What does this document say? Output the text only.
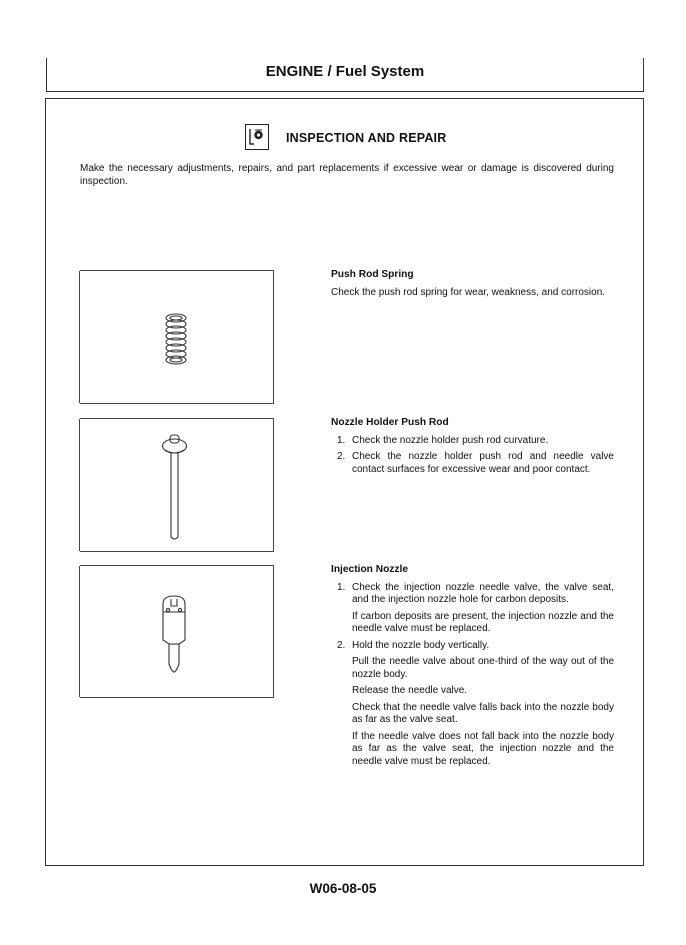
ENGINE / Fuel System
INSPECTION AND REPAIR

Make the necessary adjustments, repairs, and part replacements if excessive wear or damage is discovered during inspection.

Push Rod Spring

Check the push rod spring for wear, weakness, and corrosion.

Nozzle Holder Push Rod
1. Check the nozzle holder push rod curvature.
2. Check the nozzle holder push rod and needle valve contact surfaces for excessive wear and poor contact.
Injection Nozzle
1. Check the injection nozzle needle valve, the valve seat, and the injection nozzle hole for carbon deposits.
If carbon deposits are present, the injection nozzle and the needle valve must be replaced.
2. Hold the nozzle body vertically.
Pull the needle valve about one-third of the way out of the nozzle body.
Release the needle valve.
Check that the needle valve falls back into the nozzle body as far as the valve seat.
If the needle valve does not fall back into the nozzle body as far as the valve seat, the injection nozzle and the needle valve must be replaced.
W06-08-05
